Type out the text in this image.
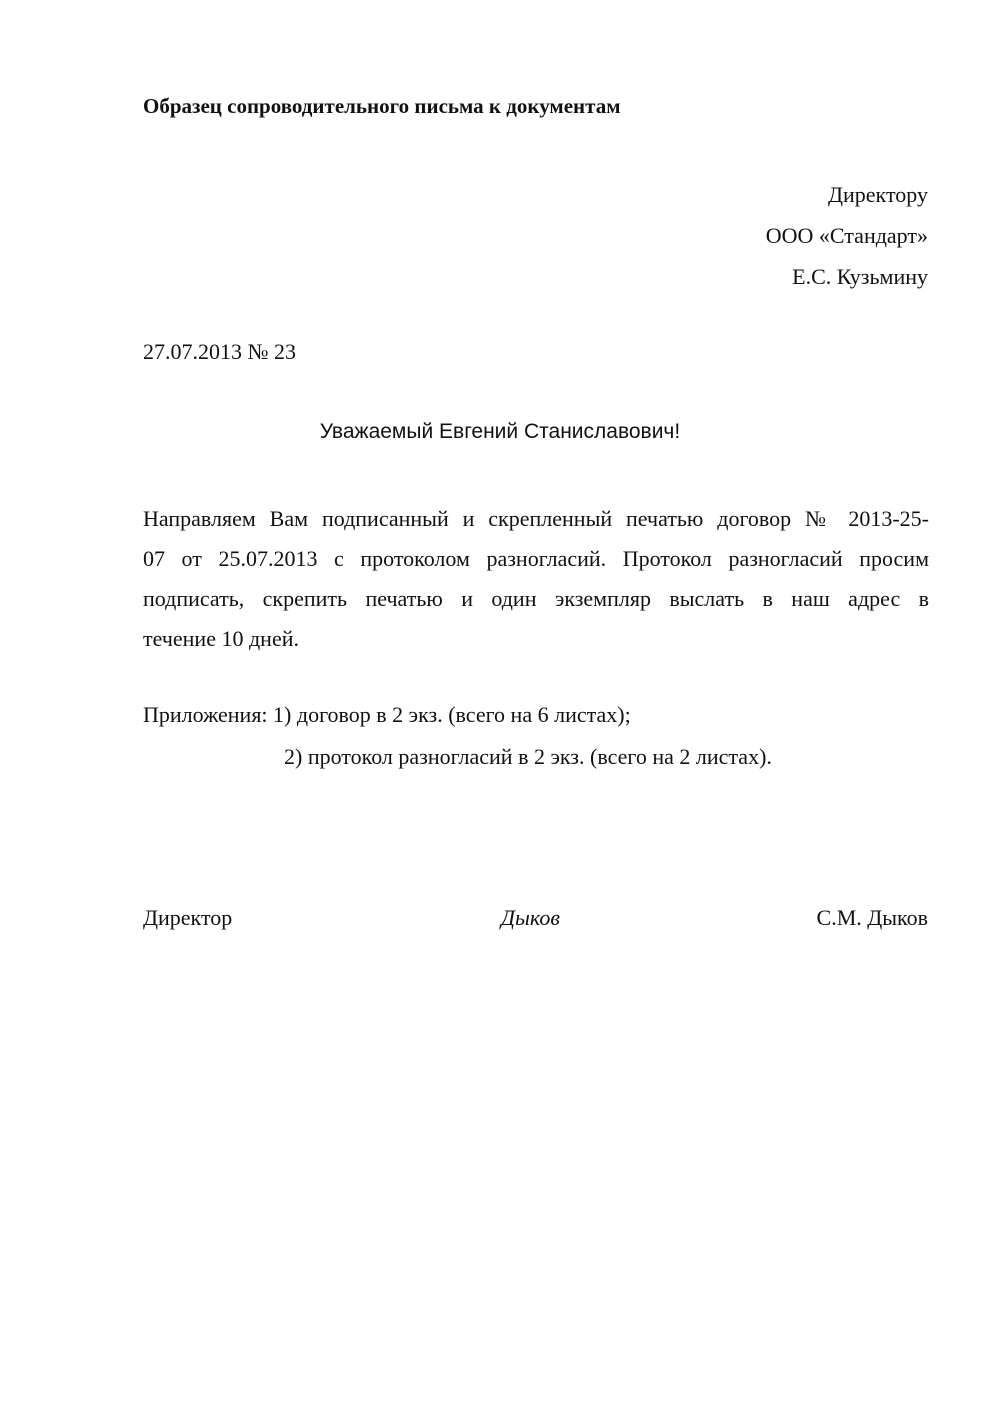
Образец сопроводительного письма к документам
Директору
ООО «Стандарт»
Е.С. Кузьмину
27.07.2013 № 23
Уважаемый Евгений Станиславович!
Направляем Вам подписанный и скрепленный печатью договор № 2013-25-
07 от 25.07.2013 с протоколом разногласий. Протокол разногласий просим
подписать, скрепить печатью и один экземпляр выслать в наш адрес в
течение 10 дней.
Приложения: 1) договор в 2 экз. (всего на 6 листах);
2) протокол разногласий в 2 экз. (всего на 2 листах).
Директор	Дыков	С.М. Дыков
